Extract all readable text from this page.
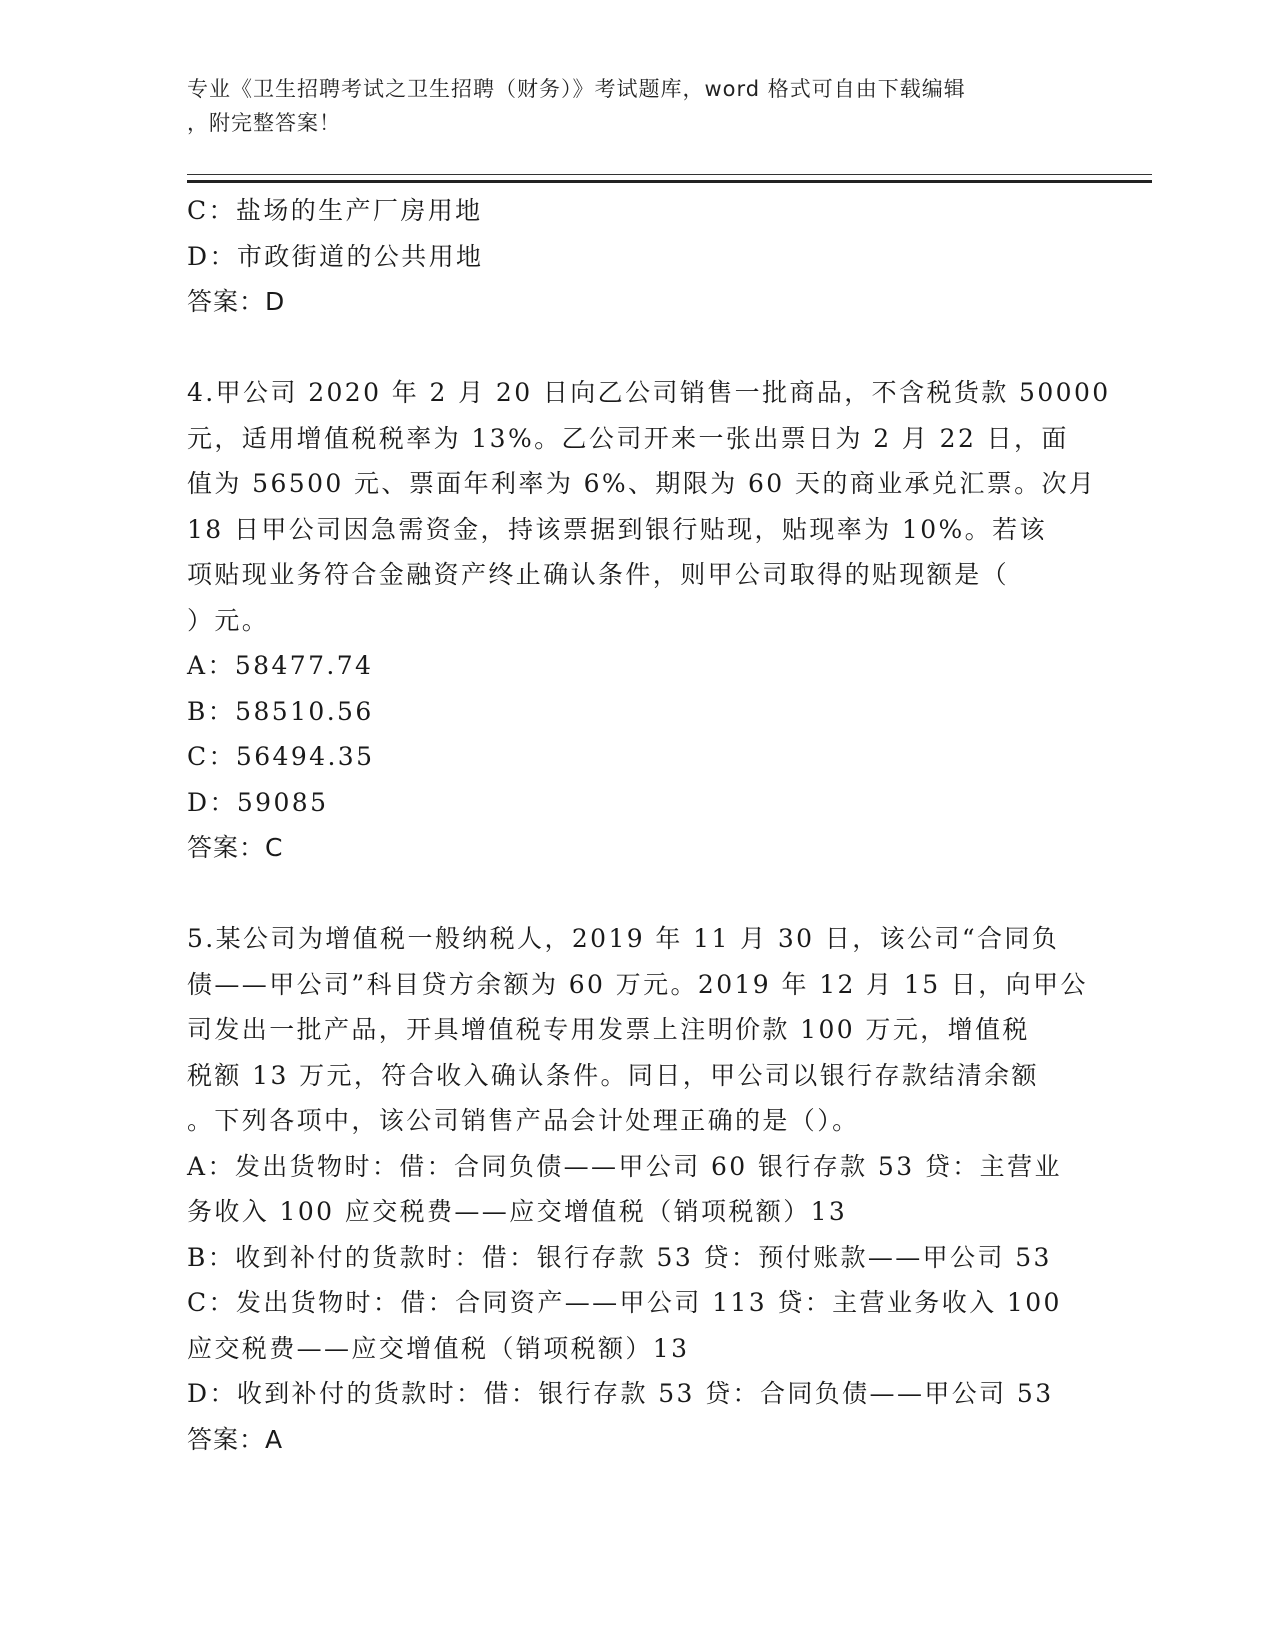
专业《卫生招聘考试之卫生招聘（财务）》考试题库，word 格式可自由下载编辑
，附完整答案！
C：盐场的生产厂房用地
D：市政街道的公共用地
答案：D
4.甲公司 2020 年 2 月 20 日向乙公司销售一批商品，不含税货款 50000
元，适用增值税税率为 13%。乙公司开来一张出票日为 2 月 22 日，面
值为 56500 元、票面年利率为 6%、期限为 60 天的商业承兑汇票。次月
18 日甲公司因急需资金，持该票据到银行贴现，贴现率为 10%。若该
项贴现业务符合金融资产终止确认条件，则甲公司取得的贴现额是（
）元。
A：58477.74
B：58510.56
C：56494.35
D：59085
答案：C
5.某公司为增值税一般纳税人，2019 年 11 月 30 日，该公司“合同负
债——甲公司”科目贷方余额为 60 万元。2019 年 12 月 15 日，向甲公
司发出一批产品，开具增值税专用发票上注明价款 100 万元，增值税
税额 13 万元，符合收入确认条件。同日，甲公司以银行存款结清余额
。下列各项中，该公司销售产品会计处理正确的是（）。
A：发出货物时：借：合同负债——甲公司 60 银行存款 53 贷：主营业
务收入 100 应交税费——应交增值税（销项税额）13
B：收到补付的货款时：借：银行存款 53 贷：预付账款——甲公司 53
C：发出货物时：借：合同资产——甲公司 113 贷：主营业务收入 100
应交税费——应交增值税（销项税额）13
D：收到补付的货款时：借：银行存款 53 贷：合同负债——甲公司 53
答案：A
